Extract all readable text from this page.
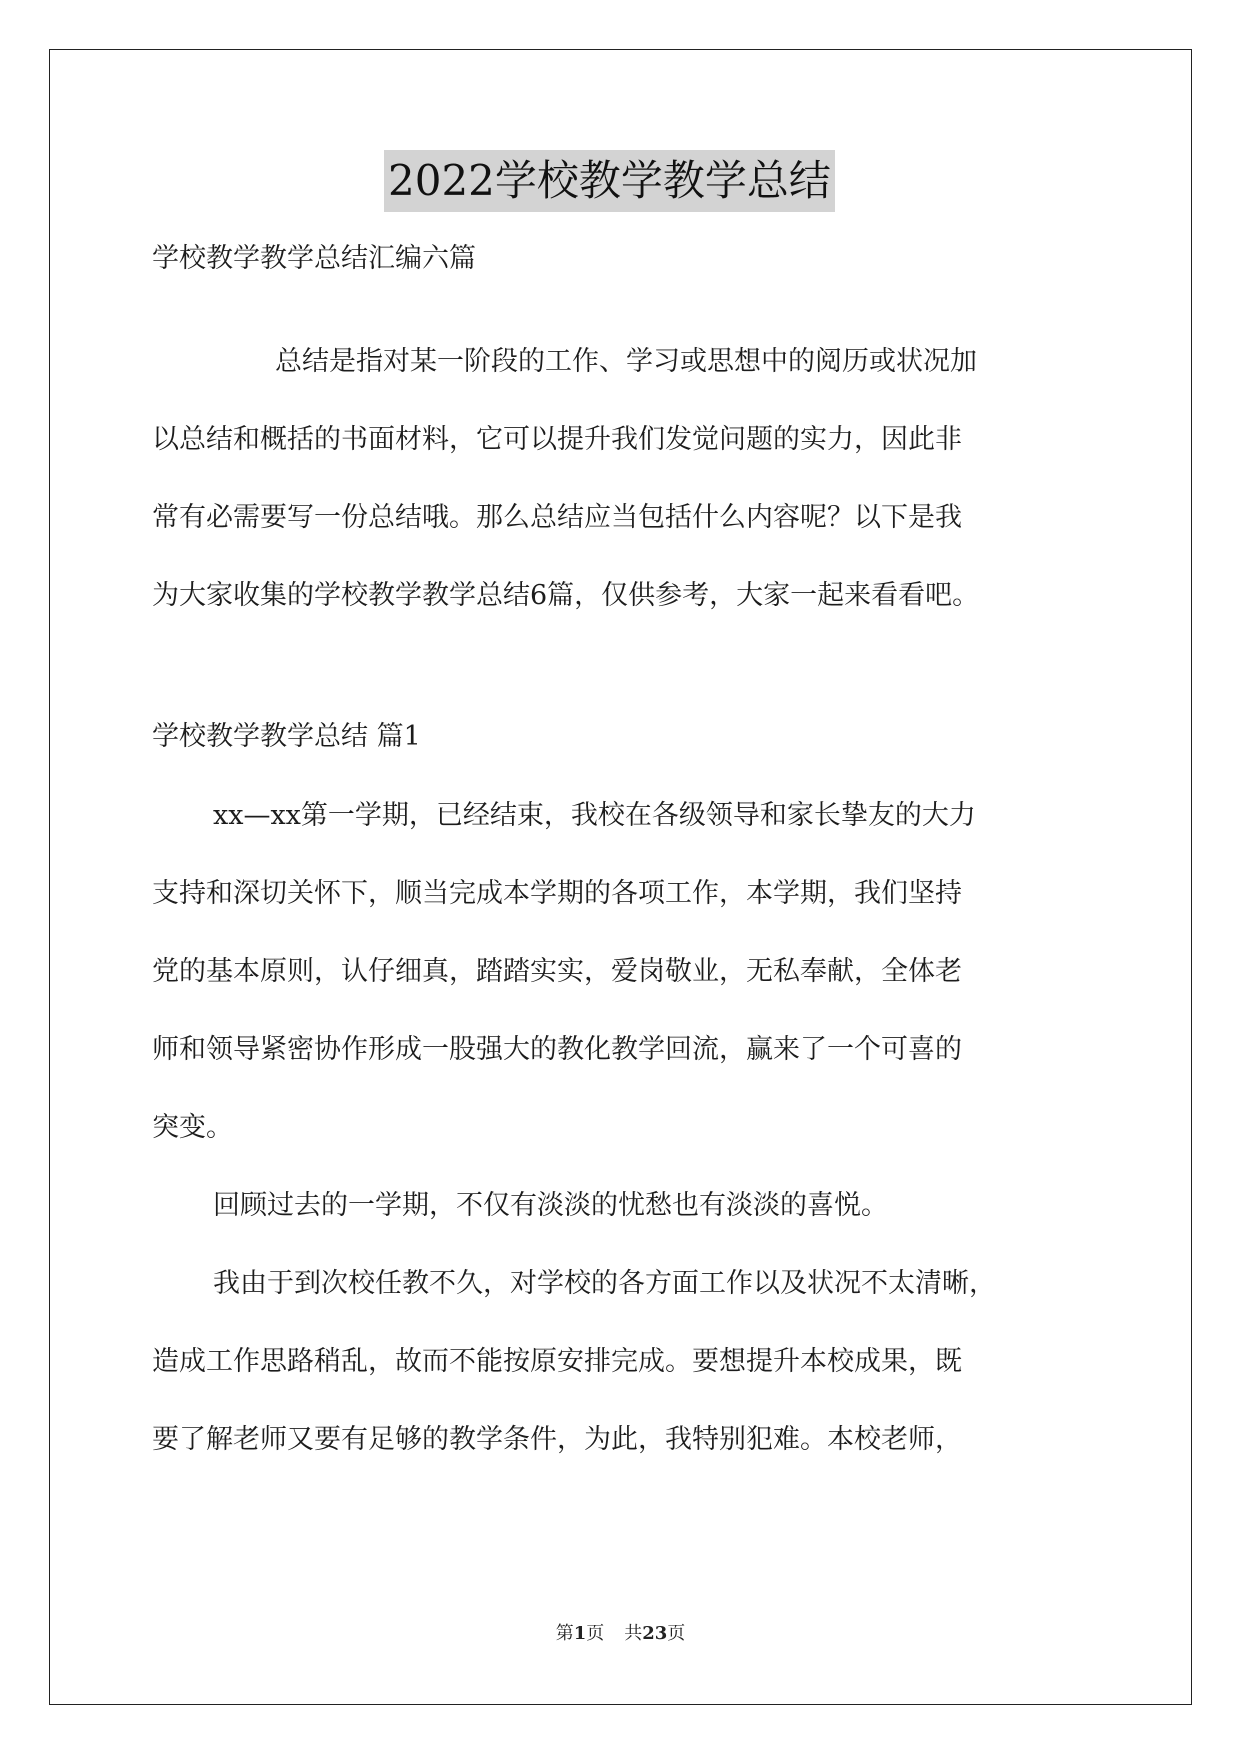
2022学校教学教学总结
学校教学教学总结汇编六篇
总结是指对某一阶段的工作、学习或思想中的阅历或状况加
以总结和概括的书面材料，它可以提升我们发觉问题的实力，因此非
常有必需要写一份总结哦。那么总结应当包括什么内容呢？以下是我
为大家收集的学校教学教学总结6篇，仅供参考，大家一起来看看吧。
学校教学教学总结 篇1
xx—xx第一学期，已经结束，我校在各级领导和家长挚友的大力
支持和深切关怀下，顺当完成本学期的各项工作，本学期，我们坚持
党的基本原则，认仔细真，踏踏实实，爱岗敬业，无私奉献，全体老
师和领导紧密协作形成一股强大的教化教学回流，赢来了一个可喜的
突变。
回顾过去的一学期，不仅有淡淡的忧愁也有淡淡的喜悦。
我由于到次校任教不久，对学校的各方面工作以及状况不太清晰，
造成工作思路稍乱，故而不能按原安排完成。要想提升本校成果，既
要了解老师又要有足够的教学条件，为此，我特别犯难。本校老师，
第1页 共23页
